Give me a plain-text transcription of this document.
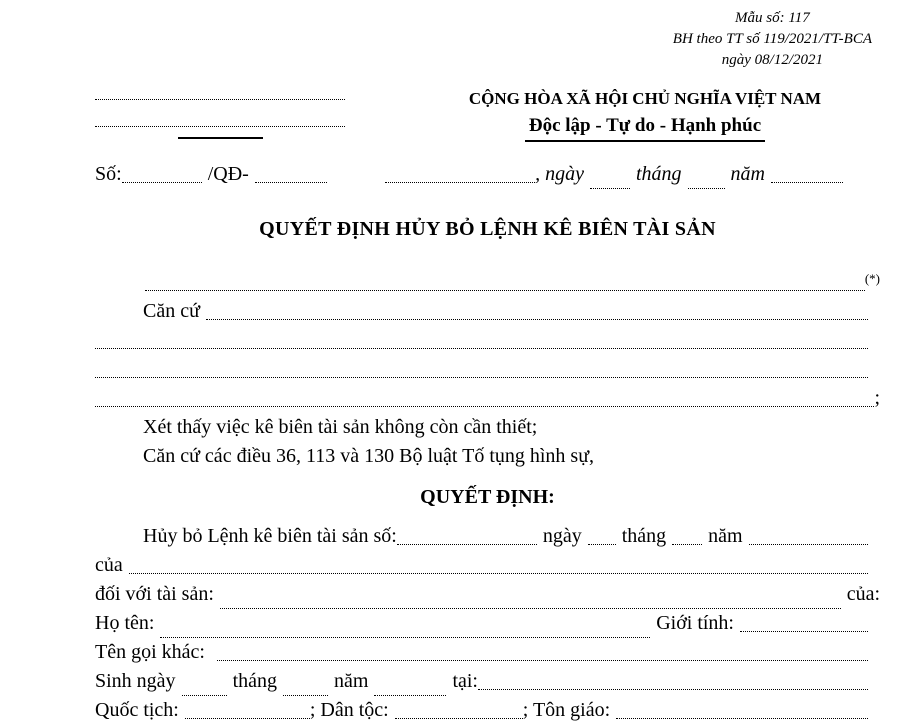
Mẫu số: 117
BH theo TT số 119/2021/TT-BCA
ngày 08/12/2021
CỘNG HÒA XÃ HỘI CHỦ NGHĨA VIỆT NAM
Độc lập - Tự do - Hạnh phúc
Số:	/QĐ-	, ngày	tháng năm
QUYẾT ĐỊNH HỦY BỎ LỆNH KÊ BIÊN TÀI SẢN
(*)
Căn cứ
;
Xét thấy việc kê biên tài sản không còn cần thiết;
Căn cứ các điều 36, 113 và 130 Bộ luật Tố tụng hình sự,
QUYẾT ĐỊNH:
Hủy bỏ Lệnh kê biên tài sản số:	ngày tháng năm
của
đối với tài sản:	của:
Họ tên:	Giới tính:
Tên gọi khác:
Sinh ngày	tháng	năm	tại:
Quốc tịch:	; Dân tộc:	; Tôn giáo:
